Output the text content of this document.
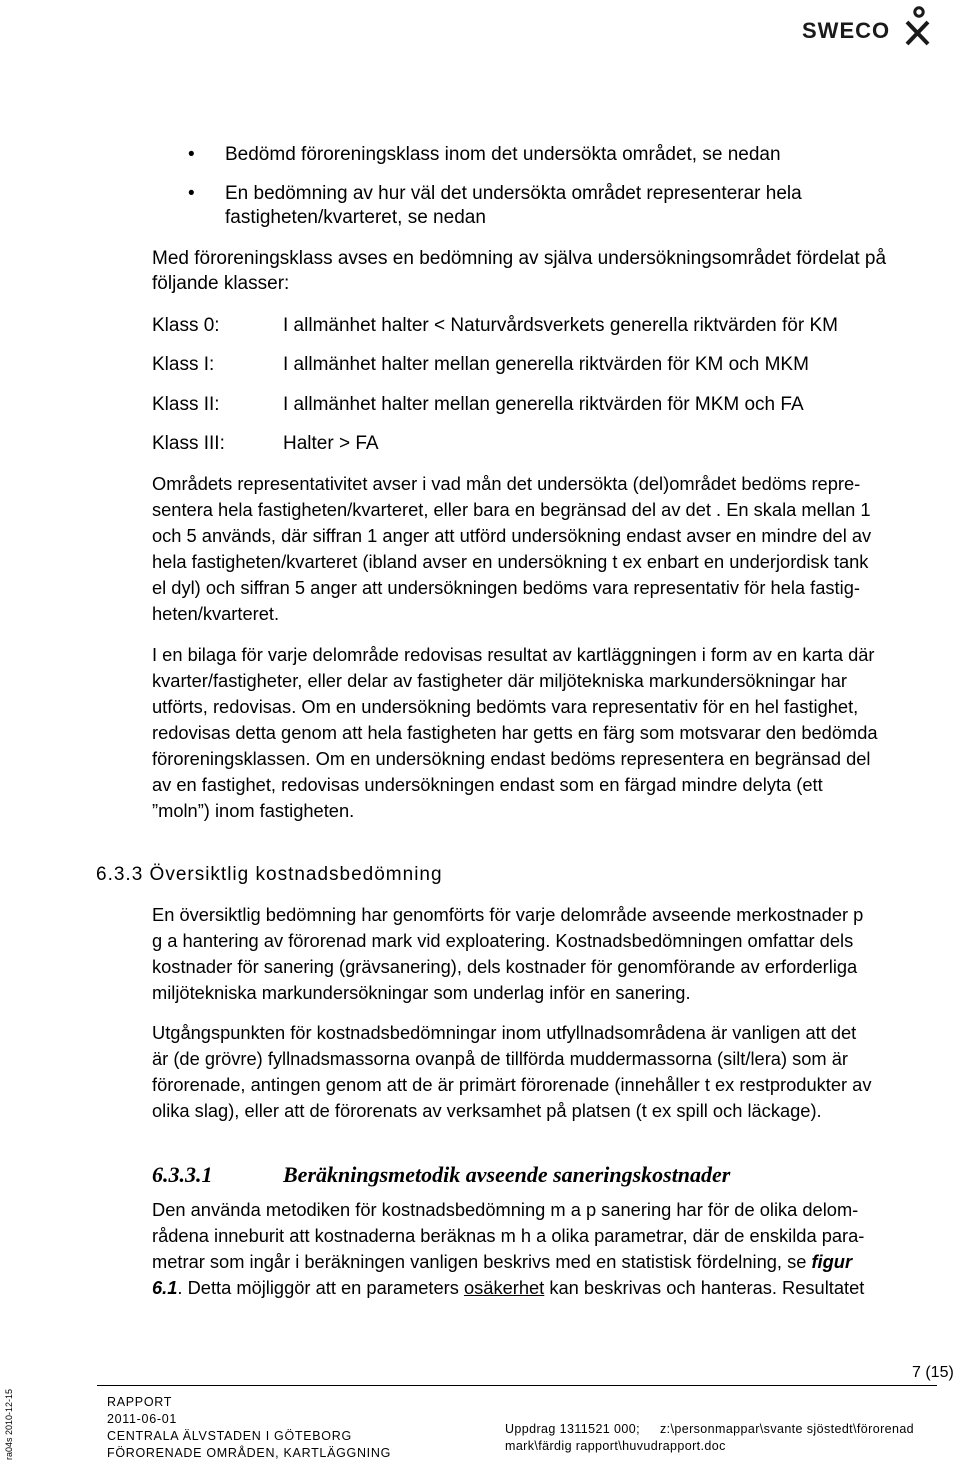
SWECO
• Bedömd föroreningsklass inom det undersökta området, se nedan
• En bedömning av hur väl det undersökta området representerar hela
fastigheten/kvarteret, se nedan
Med föroreningsklass avses en bedömning av själva undersökningsområdet fördelat på
följande klasser:
Klass 0:	I allmänhet halter < Naturvårdsverkets generella riktvärden för KM
Klass I:	I allmänhet halter mellan generella riktvärden för KM och MKM
Klass II:	I allmänhet halter mellan generella riktvärden för MKM och FA
Klass III:	Halter > FA

Områdets representativitet avser i vad mån det undersökta (del)området bedöms repre-

sentera hela fastigheten/kvarteret, eller bara en begränsad del av det . En skala mellan 1

och 5 används, där siffran 1 anger att utförd undersökning endast avser en mindre del av

hela fastigheten/kvarteret (ibland avser en undersökning t ex enbart en underjordisk tank

el dyl) och siffran 5 anger att undersökningen bedöms vara representativ för hela fastig-

heten/kvarteret.

I en bilaga för varje delområde redovisas resultat av kartläggningen i form av en karta där

kvarter/fastigheter, eller delar av fastigheter där miljötekniska markundersökningar har

utförts, redovisas. Om en undersökning bedömts vara representativ för en hel fastighet,

redovisas detta genom att hela fastigheten har getts en färg som motsvarar den bedömda

föroreningsklassen. Om en undersökning endast bedöms representera en begränsad del

av en fastighet, redovisas undersökningen endast som en färgad mindre delyta (ett

”moln”) inom fastigheten.

6.3.3 Översiktlig kostnadsbedömning

En översiktlig bedömning har genomförts för varje delområde avseende merkostnader p

g a hantering av förorenad mark vid exploatering. Kostnadsbedömningen omfattar dels

kostnader för sanering (grävsanering), dels kostnader för genomförande av erforderliga

miljötekniska markundersökningar som underlag inför en sanering.

Utgångspunkten för kostnadsbedömningar inom utfyllnadsområdena är vanligen att det

är (de grövre) fyllnadsmassorna ovanpå de tillförda muddermassorna (silt/lera) som är

förorenade, antingen genom att de är primärt förorenade (innehåller t ex restprodukter av

olika slag), eller att de förorenats av verksamhet på platsen (t ex spill och läckage).

6.3.3.1	Beräkningsmetodik avseende saneringskostnader

Den använda metodiken för kostnadsbedömning m a p sanering har för de olika delom-

rådena inneburit att kostnaderna beräknas m h a olika parametrar, där de enskilda para-

metrar som ingår i beräkningen vanligen beskrivs med en statistisk fördelning, se figur

6.1. Detta möjliggör att en parameters osäkerhet kan beskrivas och hanteras. Resultatet

7 (15)
RAPPORT
2011-06-01
CENTRALA ÄLVSTADEN I GÖTEBORG
FÖRORENADE OMRÅDEN, KARTLÄGGNING
Uppdrag 1311521 000; z:\personmappar\svante sjöstedt\förorenad
mark\färdig rapport\huvudrapport.doc
ra04s 2010-12-15
